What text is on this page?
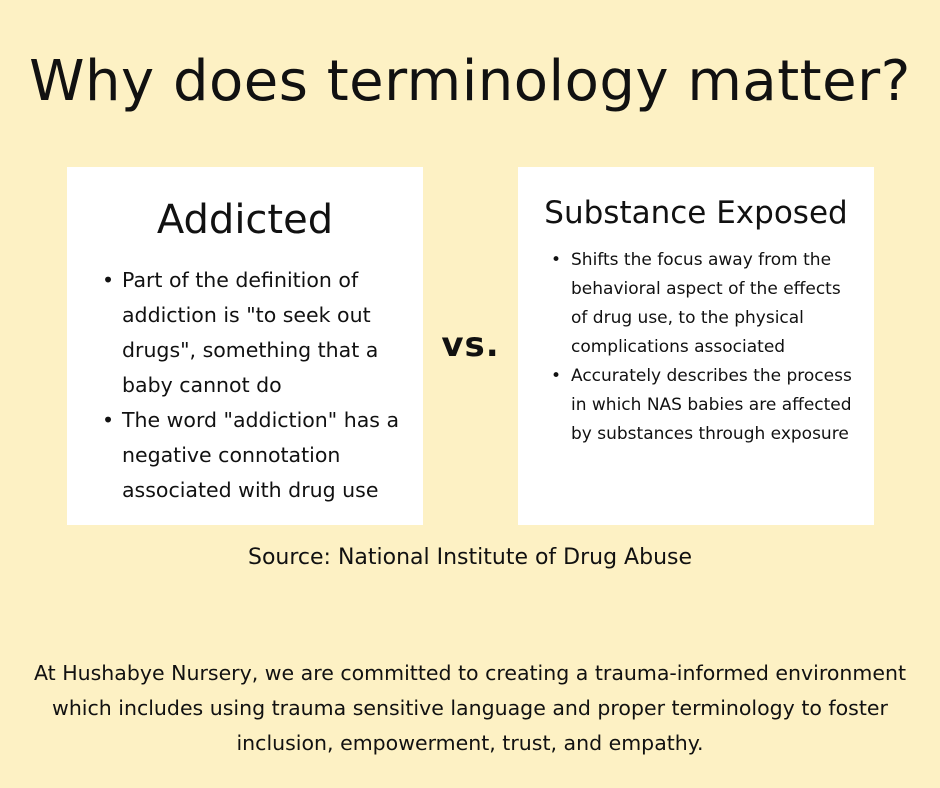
Why does terminology matter?
Addicted
• Part of the definition of addiction is "to seek out drugs", something that a baby cannot do
• The word "addiction" has a negative connotation associated with drug use
vs.
Substance Exposed
• Shifts the focus away from the behavioral aspect of the effects of drug use, to the physical complications associated
• Accurately describes the process in which NAS babies are affected by substances through exposure

Source: National Institute of Drug Abuse

At Hushabye Nursery, we are committed to creating a trauma-informed environment which includes using trauma sensitive language and proper terminology to foster inclusion, empowerment, trust, and empathy.
